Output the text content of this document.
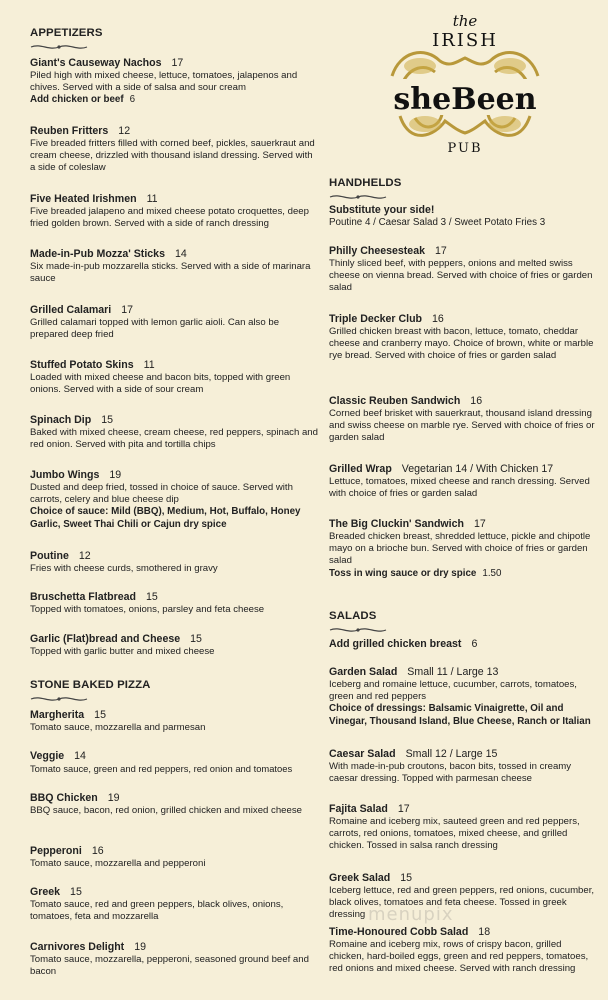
the
IRISH
sheBeen
PUB
APPETIZERS
Giant's Causeway Nachos 17

Piled high with mixed cheese, lettuce, tomatoes, jalapenos and chives. Served with a side of salsa and sour cream

Add chicken or beef 6

Reuben Fritters 12

Five breaded fritters filled with corned beef, pickles, sauerkraut and cream cheese, drizzled with thousand island dressing. Served with a side of coleslaw

Five Heated Irishmen 11

Five breaded jalapeno and mixed cheese potato croquettes, deep fried golden brown. Served with a side of ranch dressing

Made-in-Pub Mozza' Sticks 14

Six made-in-pub mozzarella sticks. Served with a side of marinara sauce

Grilled Calamari 17

Grilled calamari topped with lemon garlic aioli. Can also be prepared deep fried

Stuffed Potato Skins 11

Loaded with mixed cheese and bacon bits, topped with green onions. Served with a side of sour cream

Spinach Dip 15

Baked with mixed cheese, cream cheese, red peppers, spinach and red onion. Served with pita and tortilla chips

Jumbo Wings 19

Dusted and deep fried, tossed in choice of sauce. Served with carrots, celery and blue cheese dip

Choice of sauce: Mild (BBQ), Medium, Hot, Buffalo, Honey Garlic, Sweet Thai Chili or Cajun dry spice

Poutine 12

Fries with cheese curds, smothered in gravy

Bruschetta Flatbread 15

Topped with tomatoes, onions, parsley and feta cheese

Garlic (Flat)bread and Cheese 15

Topped with garlic butter and mixed cheese

STONE BAKED PIZZA
Margherita 15

Tomato sauce, mozzarella and parmesan

Veggie 14

Tomato sauce, green and red peppers, red onion and tomatoes

BBQ Chicken 19

BBQ sauce, bacon, red onion, grilled chicken and mixed cheese

Pepperoni 16

Tomato sauce, mozzarella and pepperoni

Greek 15

Tomato sauce, red and green peppers, black olives, onions, tomatoes, feta and mozzarella

Carnivores Delight 19

Tomato sauce, mozzarella, pepperoni, seasoned ground beef and bacon

HANDHELDS
Substitute your side!
Poutine 4 / Caesar Salad 3 / Sweet Potato Fries 3
Philly Cheesesteak 17

Thinly sliced beef, with peppers, onions and melted swiss cheese on vienna bread. Served with choice of fries or garden salad

Triple Decker Club 16

Grilled chicken breast with bacon, lettuce, tomato, cheddar cheese and cranberry mayo. Choice of brown, white or marble rye bread. Served with choice of fries or garden salad

Classic Reuben Sandwich 16

Corned beef brisket with sauerkraut, thousand island dressing and swiss cheese on marble rye. Served with choice of fries or garden salad

Grilled Wrap Vegetarian 14 / With Chicken 17

Lettuce, tomatoes, mixed cheese and ranch dressing. Served with choice of fries or garden salad

The Big Cluckin' Sandwich 17

Breaded chicken breast, shredded lettuce, pickle and chipotle mayo on a brioche bun. Served with choice of fries or garden salad

Toss in wing sauce or dry spice 1.50

SALADS
Add grilled chicken breast 6
Garden Salad Small 11 / Large 13

Iceberg and romaine lettuce, cucumber, carrots, tomatoes, green and red peppers

Choice of dressings: Balsamic Vinaigrette, Oil and Vinegar, Thousand Island, Blue Cheese, Ranch or Italian

Caesar Salad Small 12 / Large 15

With made-in-pub croutons, bacon bits, tossed in creamy caesar dressing. Topped with parmesan cheese

Fajita Salad 17

Romaine and iceberg mix, sauteed green and red peppers, carrots, red onions, tomatoes, mixed cheese, and grilled chicken. Tossed in salsa ranch dressing

Greek Salad 15

Iceberg lettuce, red and green peppers, red onions, cucumber, black olives, tomatoes and feta cheese. Tossed in greek dressing

Time-Honoured Cobb Salad 18

Romaine and iceberg mix, rows of crispy bacon, grilled chicken, hard-boiled eggs, green and red peppers, tomatoes, red onions and mixed cheese. Served with ranch dressing

menupix
